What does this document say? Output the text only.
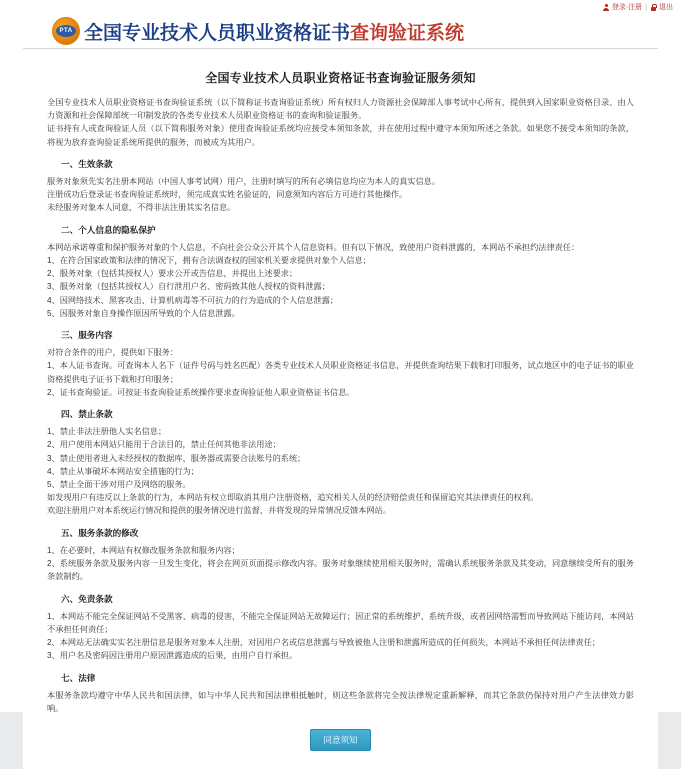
登录·注册 | 退出
PTA 全国专业技术人员职业资格证书查询验证系统
全国专业技术人员职业资格证书查询验证服务须知

全国专业技术人员职业资格证书查询验证系统（以下简称证书查询验证系统）所有权归人力资源社会保障部人事考试中心所有，提供到入国家职业资格目录、由人力资源和社会保障部统一印制发放的各类专业技术人员职业资格证书的查询和验证服务。

证书持有人或查询验证人员（以下简称服务对象）使用查询验证系统均应接受本须知条款，并在使用过程中遵守本须知所述之条款。如果您不接受本须知的条款，将视为放弃查询验证系统所提供的服务，而被成为其用户。

一、生效条款

服务对象须先实名注册本网站（中国人事考试网）用户，注册时填写的所有必填信息均应为本人的真实信息。

注册成功后登录证书查询验证系统时，须完成真实姓名验证的，同意须知内容后方可进行其他操作。

未经服务对象本人同意，不得非法注册其实名信息。

二、个人信息的隐私保护

本网站承诺尊重和保护服务对象的个人信息，不向社会公众公开其个人信息资料。但有以下情况，致使用户资料泄露的，本网站不承担约法律责任：

1、在符合国家政策和法律的情况下，拥有合法调查权的国家机关要求提供对象个人信息；

2、服务对象（包括其授权人）要求公开或告信息，并提出上述要求；

3、服务对象（包括其授权人）自行泄用户名、密码致其他人授权的资料泄露；

4、因网络技术、黑客攻击、计算机病毒等不可抗力的行为造成的个人信息泄露；

5、因服务对象自身操作原因所导致的个人信息泄露。

三、服务内容

对符合条件的用户，提供如下服务：

1、本人证书查询。可查询本人名下（证件号码与姓名匹配）各类专业技术人员职业资格证书信息，并提供查询结果下载和打印服务，试点地区中的电子证书的职业资格提供电子证书下载和打印服务；

2、证书查询验证。可按证书查询验证系统操作要求查询验证他人职业资格证书信息。

四、禁止条款

1、禁止非法注册他人实名信息；

2、用户使用本网站只能用于合法目的，禁止任何其他非法用途；

3、禁止使用者进入未经授权的数据库、服务器或需要合法账号的系统；

4、禁止从事破坏本网站安全措施的行为；

5、禁止全面干涉对用户及网络的服务。

如发现用户有违反以上条款的行为，本网站有权立即取消其用户注册资格，追究相关人员的经济赔偿责任和保留追究其法律责任的权利。

欢迎注册用户对本系统运行情况和提供的服务情况进行监督，并将发现的异常情况反馈本网站。

五、服务条款的修改

1、在必要时，本网站有权修改服务条款和服务内容；

2、系统服务条款及服务内容一旦发生变化，将会在网页页面提示修改内容。服务对象继续使用相关服务时，需确认系统服务条款及其变动，同意继续受所有的服务条款制约。

六、免责条款

1、本网站不能完全保证网站不受黑客、病毒的侵害，不能完全保证网站无故障运行；因正常的系统维护、系统升级，或者因网络需暂而导致网站下能访问，本网站不承担任何责任；

2、本网站无法确实实名注册信息是服务对象本人注册，对因用户名或信息泄露与导致被他人注册和泄露所造成的任何损失，本网站不承担任何法律责任；

3、用户名及密码因注册用户原因泄露造成的后果，由用户自行承担。

七、法律

本服务条款均遵守中华人民共和国法律，如与中华人民共和国法律相抵触时，则这些条款将完全按法律规定重新解释，而其它条款仍保持对用户产生法律效力影响。

同意须知
